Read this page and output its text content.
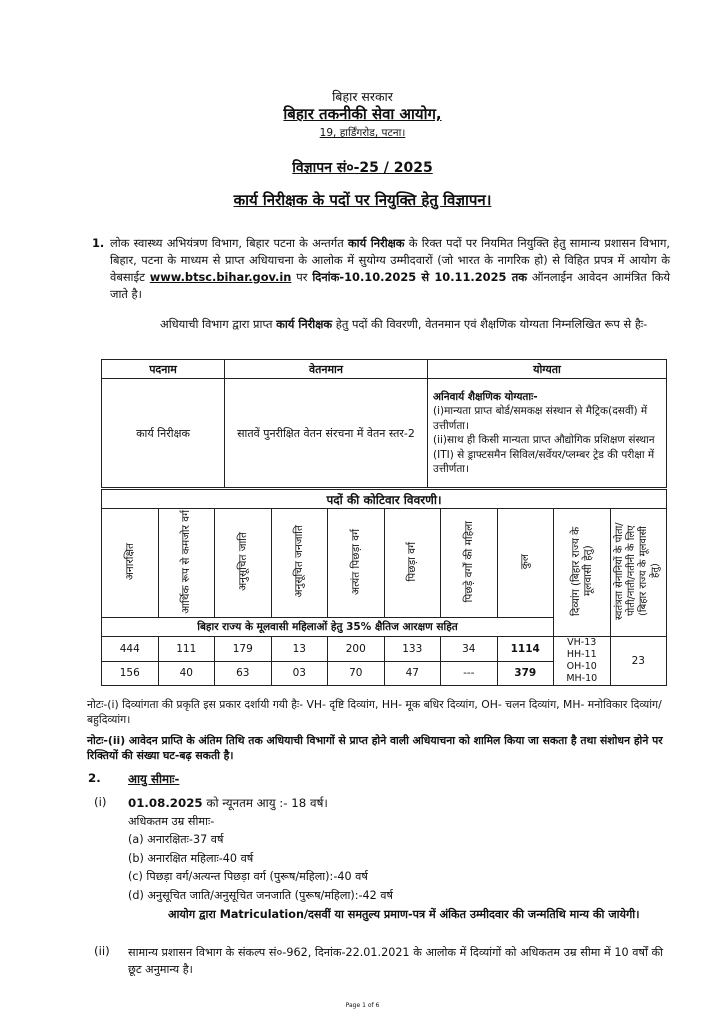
बिहार सरकार
बिहार तकनीकी सेवा आयोग,
19, हार्डिंगरोड, पटना।
विज्ञापन सं०-25 / 2025
कार्य निरीक्षक के पदों पर नियुक्ति हेतु विज्ञापन।
1. लोक स्वास्थ्य अभियंत्रण विभाग, बिहार पटना के अन्तर्गत कार्य निरीक्षक के रिक्त पदों पर नियमित नियुक्ति हेतु सामान्य प्रशासन विभाग, बिहार, पटना के माध्यम से प्राप्त अधियाचना के आलोक में सुयोग्य उम्मीदवारों (जो भारत के नागरिक हो) से विहित प्रपत्र में आयोग के वेबसाईट www.btsc.bihar.gov.in पर दिनांक-10.10.2025 से 10.11.2025 तक ऑनलाईन आवेदन आमंत्रित किये जाते है।
अधियाची विभाग द्वारा प्राप्त कार्य निरीक्षक हेतु पदों की विवरणी, वेतनमान एवं शैक्षणिक योग्यता निम्नलिखित रूप से हैः-
पदनाम	वेतनमान	योग्यता
कार्य निरीक्षक	सातवें पुनरीक्षित वेतन संरचना में वेतन स्तर-2	अनिवार्य शैक्षणिक योग्यताः-
(i)मान्यता प्राप्त बोर्ड/समकक्ष संस्थान से मैट्रिक(दसवीं) में उत्तीर्णता।
(ii)साथ ही किसी मान्यता प्राप्त औद्योगिक प्रशिक्षण संस्थान (ITI) से ड्राफ्टसमैन सिविल/सर्वेयर/प्लम्बर ट्रेड की परीक्षा में उत्तीर्णता।
पदों की कोटिवार विवरणी।									
अनारक्षित	आर्थिक रूप से कमजोर वर्ग	अनुसूचित जाति	अनुसूचित जनजाति	अत्यंत पिछड़ा वर्ग	पिछड़ा वर्ग	पिछड़े वर्गों की महिला	कुल	दिव्यांग (बिहार राज्य के मूलवासी हेतु)	स्वतंत्रता सेनानियों के पोता/पोती/नाती/नतीनी के लिए (बिहार राज्य के मूलवासी हेतु)
बिहार राज्य के मूलवासी महिलाओं हेतु 35% क्षैतिज आरक्षण सहित									
444	111	179	13	200	133	34	1114	VH-13
HH-11
OH-10
MH-10	23
156	40	63	03	70	47	---	379		
नोटः-(i) दिव्यांगता की प्रकृति इस प्रकार दर्शायी गयी हैः- VH- दृष्टि दिव्यांग, HH- मूक बधिर दिव्यांग, OH- चलन दिव्यांग, MH- मनोविकार दिव्यांग/बहुदिव्यांग।
नोटः-(ii) आवेदन प्राप्ति के अंतिम तिथि तक अधियाची विभागों से प्राप्त होने वाली अधियाचना को शामिल किया जा सकता है तथा संशोधन होने पर रिक्तियों की संख्या घट-बढ़ सकती है।
2. आयु सीमाः-
(i) 01.08.2025 को न्यूनतम आयु :- 18 वर्ष।
अधिकतम उम्र सीमाः-
(a) अनारक्षितः-37 वर्ष
(b) अनारक्षित महिलाः-40 वर्ष
(c) पिछड़ा वर्ग/अत्यन्त पिछड़ा वर्ग (पुरूष/महिला):-40 वर्ष
(d) अनुसूचित जाति/अनुसूचित जनजाति (पुरूष/महिला):-42 वर्ष
आयोग द्वारा Matriculation/दसवीं या समतुल्य प्रमाण-पत्र में अंकित उम्मीदवार की जन्मतिथि मान्य की जायेगी।
(ii) सामान्य प्रशासन विभाग के संकल्प सं०-962, दिनांक-22.01.2021 के आलोक में दिव्यांगों को अधिकतम उम्र सीमा में 10 वर्षों की छूट अनुमान्य है।
Page 1 of 6
